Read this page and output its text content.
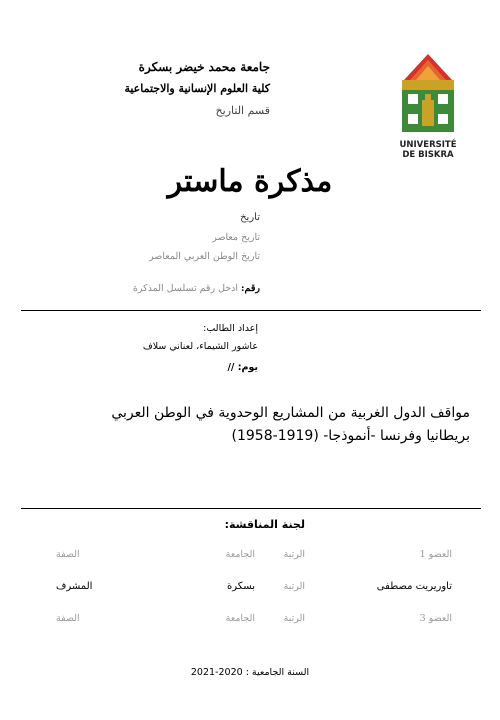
جامعة محمد خيضر بسكرة
كلية العلوم الإنسانية والاجتماعية
قسم التاريخ
UNIVERSITÉ
DE BISKRA
مذكرة ماستر
تاريخ
تاريخ معاصر
تاريخ الوطن العربي المعاصر
رقم: ادخل رقم تسلسل المذكرة
إعداد الطالب:
عاشور الشيماء، لعناني سلاف
يوم: //
مواقف الدول الغربية من المشاريع الوحدوية في الوطن العربي
بريطانيا وفرنسا -أنموذجا- (1919-1958)
لجنة المناقشة:
العضو 1
الرتبة
الجامعة
الصفة
تاوريريت مصطفى
الرتبة
بسكرة
المشرف
العضو 3
الرتبة
الجامعة
الصفة
السنة الجامعية : 2020-2021
